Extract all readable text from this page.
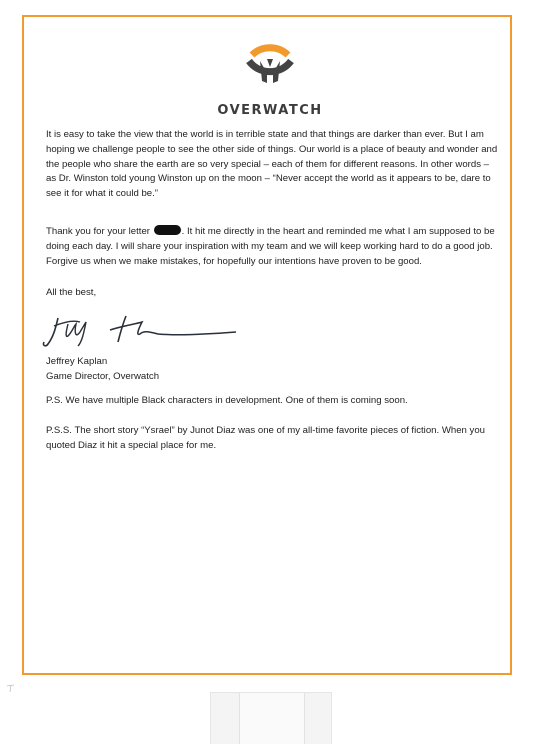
OVERWATCH
It is easy to take the view that the world is in terrible state and that things are darker than ever. But I am hoping we challenge people to see the other side of things. Our world is a place of beauty and wonder and the people who share the earth are so very special – each of them for different reasons. In other words – as Dr. Winston told young Winston up on the moon – “Never accept the world as it appears to be, dare to see it for what it could be.”
Thank you for your letter	. It hit me directly in the heart and reminded me what I am supposed to be doing each day. I will share your inspiration with my team and we will keep working hard to do a good job. Forgive us when we make mistakes, for hopefully our intentions have proven to be good.
All the best,
Jeffrey Kaplan
Game Director, Overwatch
P.S. We have multiple Black characters in development. One of them is coming soon.
P.S.S. The short story “Ysrael” by Junot Diaz was one of my all-time favorite pieces of fiction. When you quoted Diaz it hit a special place for me.
